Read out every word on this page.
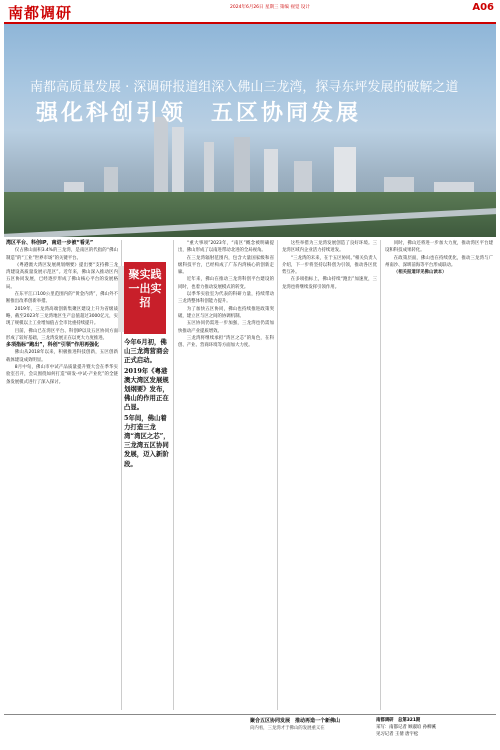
南都调研	2024年6月26日 星期三 策编 视觉 设计	A06
南都高质量发展 · 深调研报道组深入佛山三龙湾，探寻东坪发展的破解之道
强化科创引领　五区协同发展

湾区平台、科创IP，南进一步被“看见”

仅占佛山面积3.4%的三龙湾，是南区的代指的“佛山制造”的“工业”世界市场”的关键平台。

《粤港澳大湾区发展规划纲要》提出要“支持佛三龙湾建设高质量发展示范区”。近年来，佛山深入推动区内五区协同发展，已经逐步形成了佛山核心平台的发展格局。

在东平江口100公里范围内的“黄金内湾”，佛山外不断推出改革创新举措。

2019年，三龙湾高端创新集聚区建设上升为省级战略，截至2023年三龙湾地区生产总值超过3000亿元，实现了规模以上工业增加值占全市比重持续提升。

目前，佛山已在湾区平台、科创IP以及五区协同方面形成了较好基础，三龙湾发展正在以更大力度推进。

多项指标“跑出”，科创“引领”作用再强化

佛山从2018年以来，积极推进科技创新，五区创新载体建设成效明显。

8月中旬，佛山市中试产品质量提升暨大会在季华实验室召开，会议围绕如何打造“研发-中试-产业化”的全链条发展模式进行了深入探讨。

聚实践
一出实招

今年6月初，佛山三龙湾营商会正式启动。

2019年《粤港澳大湾区发展规划纲要》发布，佛山的作用正在凸显。

5年间，佛山着力打造三龙湾“湾区之芯”，三龙湾五区协同发展，迈入新阶段。

“重大事项”2023年，“南区”概念被明确提出，佛山形成了以南进带动北进的全局视角。

在三龙湾辐射范围内，包含大量国家级和省级科技平台，已经构成了广东内湾核心的创新走廊。

近年来，佛山在推动三龙湾科创平台建设的同时，也着力推动发展模式的转变。

以季华实验室为代表的科研力量，持续带动三龙湾整体科创能力提升。

为了加快五区协同，佛山也持续推进政策突破，建立区与区之间的协调机制。

五区协同仍需进一步加强，三龙湾也仍需加快推动产业提质增效。

三龙湾将继续承担“湾区之芯”的角色，在科创、产业、营商环境等方面加大力度。

这些举措为三龙湾发展创造了良好环境。三龙湾区域内企业活力持续迸发。

“三龙湾的未来，在于五区协同。”相关负责人介绍，下一步将坚持以科创为引领，推动各区优势互补。

在多项指标上，佛山持续“跑出”加速度，三龙湾也将继续发挥引领作用。

同时，佛山还将进一步加大力度，推动湾区平台建设和科技成果转化。

在政策层面，佛山也在持续优化，推动三龙湾与广州南沙、深圳前海等平台形成联动。

（相关报道详见佛山读本）

聚合五区协同发展　推动再造一个新佛山
向内看，三龙湾才于佛山的发展重义在
南都调研　总第321期
采写：南都记者 顾淑谊 孙柳溪
见习记者 王倩 唐宇松
